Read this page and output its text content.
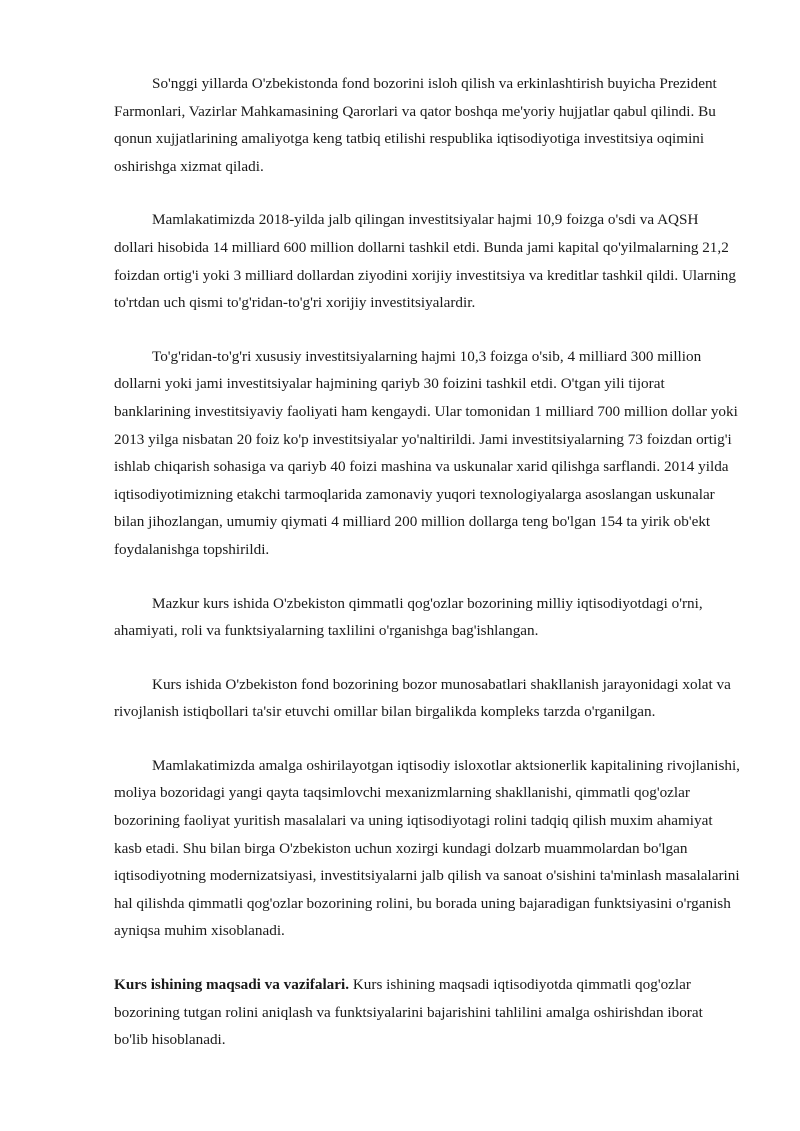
So'nggi yillarda O'zbekistonda fond bozorini isloh qilish va erkinlashtirish buyicha Prezident Farmonlari, Vazirlar Mahkamasining Qarorlari va qator boshqa me'yoriy hujjatlar qabul qilindi. Bu qonun xujjatlarining amaliyotga keng tatbiq etilishi respublika iqtisodiyotiga investitsiya oqimini oshirishga xizmat qiladi.

Mamlakatimizda 2018-yilda jalb qilingan investitsiyalar hajmi 10,9 foizga o'sdi va AQSH dollari hisobida 14 milliard 600 million dollarni tashkil etdi. Bunda jami kapital qo'yilmalarning 21,2 foizdan ortig'i yoki 3 milliard dollardan ziyodini xorijiy investitsiya va kreditlar tashkil qildi. Ularning to'rtdan uch qismi to'g'ridan-to'g'ri xorijiy investitsiyalardir.

To'g'ridan-to'g'ri xususiy investitsiyalarning hajmi 10,3 foizga o'sib, 4 milliard 300 million dollarni yoki jami investitsiyalar hajmining qariyb 30 foizini tashkil etdi. O'tgan yili tijorat banklarining investitsiyaviy faoliyati ham kengaydi. Ular tomonidan 1 milliard 700 million dollar yoki 2013 yilga nisbatan 20 foiz ko'p investitsiyalar yo'naltirildi. Jami investitsiyalarning 73 foizdan ortig'i ishlab chiqarish sohasiga va qariyb 40 foizi mashina va uskunalar xarid qilishga sarflandi. 2014 yilda iqtisodiyotimizning etakchi tarmoqlarida zamonaviy yuqori texnologiyalarga asoslangan uskunalar bilan jihozlangan, umumiy qiymati 4 milliard 200 million dollarga teng bo'lgan 154 ta yirik ob'ekt foydalanishga topshirildi.

Mazkur kurs ishida O'zbekiston qimmatli qog'ozlar bozorining milliy iqtisodiyotdagi o'rni, ahamiyati, roli va funktsiyalarning taxlilini o'rganishga bag'ishlangan.

Kurs ishida O'zbekiston fond bozorining bozor munosabatlari shakllanish jarayonidagi xolat va rivojlanish istiqbollari ta'sir etuvchi omillar bilan birgalikda kompleks tarzda o'rganilgan.

Mamlakatimizda amalga oshirilayotgan iqtisodiy isloxotlar aktsionerlik kapitalining rivojlanishi, moliya bozoridagi yangi qayta taqsimlovchi mexanizmlarning shakllanishi, qimmatli qog'ozlar bozorining faoliyat yuritish masalalari va uning iqtisodiyotagi rolini tadqiq qilish muxim ahamiyat kasb etadi. Shu bilan birga O'zbekiston uchun xozirgi kundagi dolzarb muammolardan bo'lgan iqtisodiyotning modernizatsiyasi, investitsiyalarni jalb qilish va sanoat o'sishini ta'minlash masalalarini hal qilishda qimmatli qog'ozlar bozorining rolini, bu borada uning bajaradigan funktsiyasini o'rganish ayniqsa muhim xisoblanadi.

Kurs ishining maqsadi va vazifalari. Kurs ishining maqsadi iqtisodiyotda qimmatli qog'ozlar bozorining tutgan rolini aniqlash va funktsiyalarini bajarishini tahlilini amalga oshirishdan iborat bo'lib hisoblanadi.
